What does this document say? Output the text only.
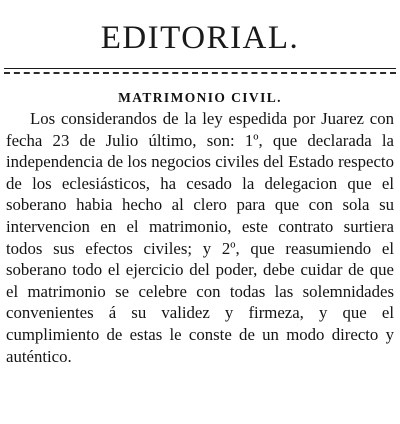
EDITORIAL.
MATRIMONIO CIVIL.

Los considerandos de la ley espedida por Juarez con fecha 23 de Julio último, son: 1º, que declarada la independencia de los negocios civiles del Estado respecto de los eclesiásticos, ha cesado la delegacion que el soberano habia hecho al clero para que con sola su intervencion en el matrimonio, este contrato surtiera todos sus efectos civiles; y 2º, que reasumiendo el soberano todo el ejercicio del poder, debe cuidar de que el matrimonio se celebre con todas las solemnidades convenientes á su validez y firmeza, y que el cumplimiento de estas le conste de un modo directo y auténtico.
